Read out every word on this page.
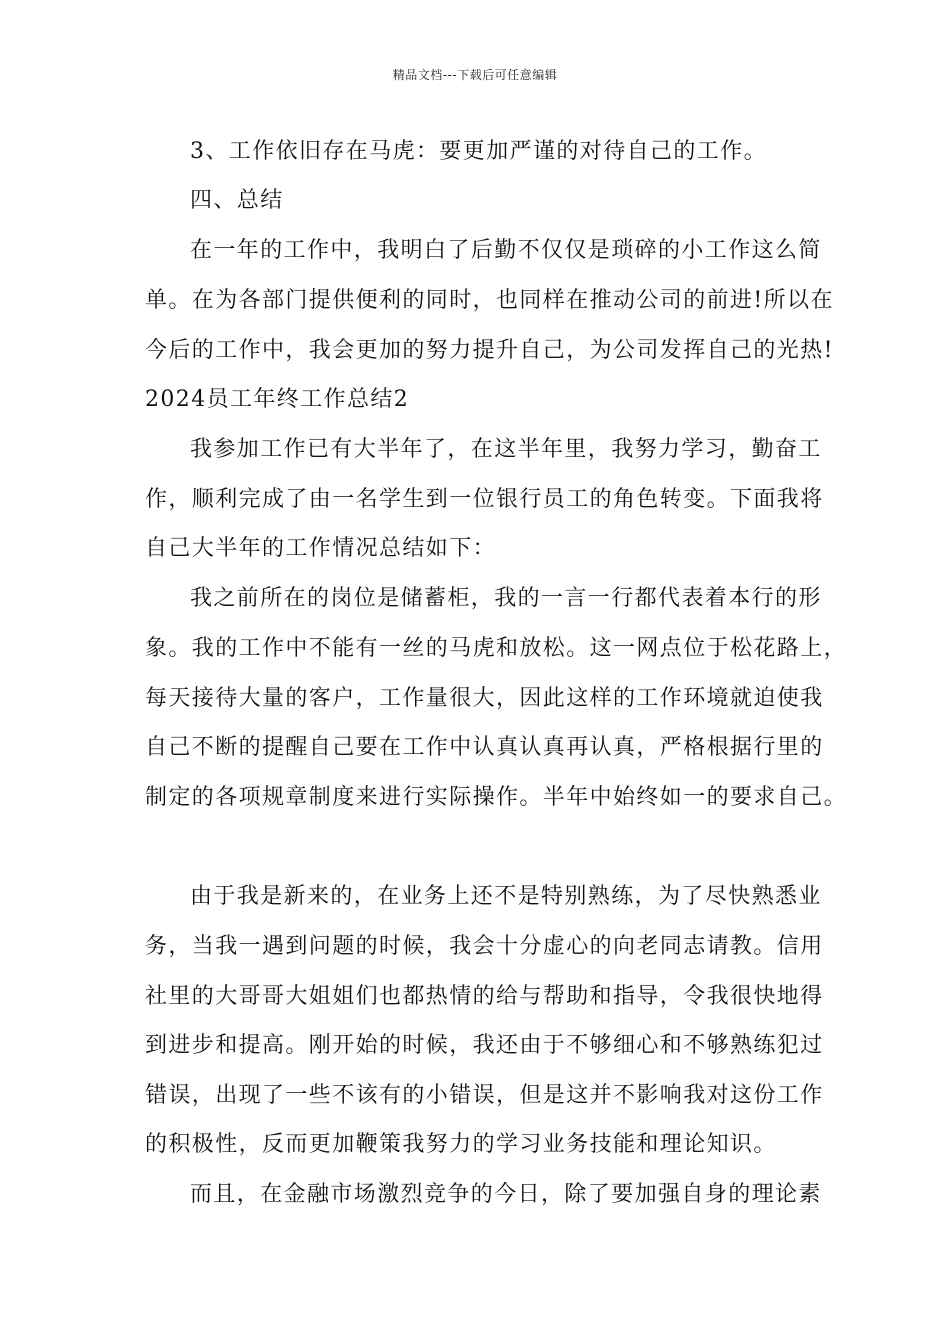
精品文档---下载后可任意编辑
3、工作依旧存在马虎：要更加严谨的对待自己的工作。
四、总结
在一年的工作中，我明白了后勤不仅仅是琐碎的小工作这么简
单。在为各部门提供便利的同时，也同样在推动公司的前进!所以在
今后的工作中，我会更加的努力提升自己，为公司发挥自己的光热!
2024员工年终工作总结2
我参加工作已有大半年了，在这半年里，我努力学习，勤奋工
作，顺利完成了由一名学生到一位银行员工的角色转变。下面我将
自己大半年的工作情况总结如下：
我之前所在的岗位是储蓄柜，我的一言一行都代表着本行的形
象。我的工作中不能有一丝的马虎和放松。这一网点位于松花路上，
每天接待大量的客户，工作量很大，因此这样的工作环境就迫使我
自己不断的提醒自己要在工作中认真认真再认真，严格根据行里的
制定的各项规章制度来进行实际操作。半年中始终如一的要求自己。
由于我是新来的，在业务上还不是特别熟练，为了尽快熟悉业
务，当我一遇到问题的时候，我会十分虚心的向老同志请教。信用
社里的大哥哥大姐姐们也都热情的给与帮助和指导，令我很快地得
到进步和提高。刚开始的时候，我还由于不够细心和不够熟练犯过
错误，出现了一些不该有的小错误，但是这并不影响我对这份工作
的积极性，反而更加鞭策我努力的学习业务技能和理论知识。
而且，在金融市场激烈竞争的今日，除了要加强自身的理论素
